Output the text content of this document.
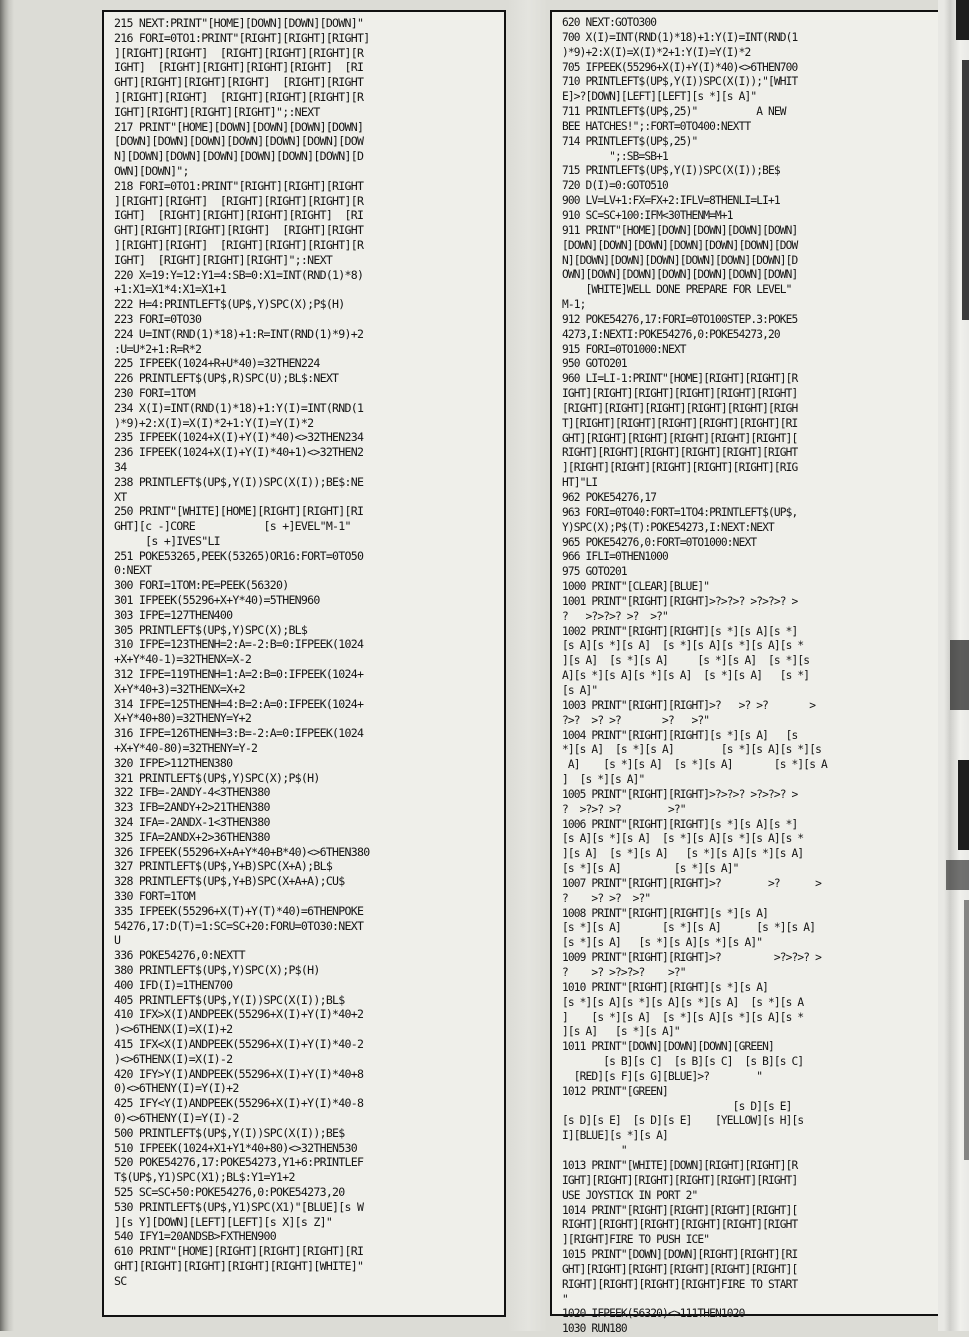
215 NEXT:PRINT"[HOME][DOWN][DOWN][DOWN]"
216 FORI=0TO1:PRINT"[RIGHT][RIGHT][RIGHT]
][RIGHT][RIGHT]  [RIGHT][RIGHT][RIGHT][R
IGHT]  [RIGHT][RIGHT][RIGHT][RIGHT]  [RI
GHT][RIGHT][RIGHT][RIGHT]  [RIGHT][RIGHT
][RIGHT][RIGHT]  [RIGHT][RIGHT][RIGHT][R
IGHT][RIGHT][RIGHT][RIGHT]";:NEXT
217 PRINT"[HOME][DOWN][DOWN][DOWN][DOWN]
[DOWN][DOWN][DOWN][DOWN][DOWN][DOWN][DOW
N][DOWN][DOWN][DOWN][DOWN][DOWN][DOWN][D
OWN][DOWN]";
218 FORI=0TO1:PRINT"[RIGHT][RIGHT][RIGHT
][RIGHT][RIGHT]  [RIGHT][RIGHT][RIGHT][R
IGHT]  [RIGHT][RIGHT][RIGHT][RIGHT]  [RI
GHT][RIGHT][RIGHT][RIGHT]  [RIGHT][RIGHT
][RIGHT][RIGHT]  [RIGHT][RIGHT][RIGHT][R
IGHT]  [RIGHT][RIGHT][RIGHT]";:NEXT
220 X=19:Y=12:Y1=4:SB=0:X1=INT(RND(1)*8)
+1:X1=X1*4:X1=X1+1
222 H=4:PRINTLEFT$(UP$,Y)SPC(X);P$(H)
223 FORI=0TO30
224 U=INT(RND(1)*18)+1:R=INT(RND(1)*9)+2
:U=U*2+1:R=R*2
225 IFPEEK(1024+R+U*40)=32THEN224
226 PRINTLEFT$(UP$,R)SPC(U);BL$:NEXT
230 FORI=1TOM
234 X(I)=INT(RND(1)*18)+1:Y(I)=INT(RND(1
)*9)+2:X(I)=X(I)*2+1:Y(I)=Y(I)*2
235 IFPEEK(1024+X(I)+Y(I)*40)<>32THEN234
236 IFPEEK(1024+X(I)+Y(I)*40+1)<>32THEN2
34
238 PRINTLEFT$(UP$,Y(I))SPC(X(I));BE$:NE
XT
250 PRINT"[WHITE][HOME][RIGHT][RIGHT][RI
GHT][c -]CORE           [s +]EVEL"M-1"
[s +]IVES"LI
251 POKE53265,PEEK(53265)OR16:FORT=0TO50
0:NEXT
300 FORI=1TOM:PE=PEEK(56320)
301 IFPEEK(55296+X+Y*40)=5THEN960
303 IFPE=127THEN400
305 PRINTLEFT$(UP$,Y)SPC(X);BL$
310 IFPE=123THENH=2:A=-2:B=0:IFPEEK(1024
+X+Y*40-1)=32THENX=X-2
312 IFPE=119THENH=1:A=2:B=0:IFPEEK(1024+
X+Y*40+3)=32THENX=X+2
314 IFPE=125THENH=4:B=2:A=0:IFPEEK(1024+
X+Y*40+80)=32THENY=Y+2
316 IFPE=126THENH=3:B=-2:A=0:IFPEEK(1024
+X+Y*40-80)=32THENY=Y-2
320 IFPE>112THEN380
321 PRINTLEFT$(UP$,Y)SPC(X);P$(H)
322 IFB=-2ANDY-4<3THEN380
323 IFB=2ANDY+2>21THEN380
324 IFA=-2ANDX-1<3THEN380
325 IFA=2ANDX+2>36THEN380
326 IFPEEK(55296+X+A+Y*40+B*40)<>6THEN380
327 PRINTLEFT$(UP$,Y+B)SPC(X+A);BL$
328 PRINTLEFT$(UP$,Y+B)SPC(X+A+A);CU$
330 FORT=1TOM
335 IFPEEK(55296+X(T)+Y(T)*40)=6THENPOKE
54276,17:D(T)=1:SC=SC+20:FORU=0TO30:NEXT
U
336 POKE54276,0:NEXTT
380 PRINTLEFT$(UP$,Y)SPC(X);P$(H)
400 IFD(I)=1THEN700
405 PRINTLEFT$(UP$,Y(I))SPC(X(I));BL$
410 IFX>X(I)ANDPEEK(55296+X(I)+Y(I)*40+2
)<>6THENX(I)=X(I)+2
415 IFX<X(I)ANDPEEK(55296+X(I)+Y(I)*40-2
)<>6THENX(I)=X(I)-2
420 IFY>Y(I)ANDPEEK(55296+X(I)+Y(I)*40+8
0)<>6THENY(I)=Y(I)+2
425 IFY<Y(I)ANDPEEK(55296+X(I)+Y(I)*40-8
0)<>6THENY(I)=Y(I)-2
500 PRINTLEFT$(UP$,Y(I))SPC(X(I));BE$
510 IFPEEK(1024+X1+Y1*40+80)<>32THEN530
520 POKE54276,17:POKE54273,Y1+6:PRINTLEF
T$(UP$,Y1)SPC(X1);BL$:Y1=Y1+2
525 SC=SC+50:POKE54276,0:POKE54273,20
530 PRINTLEFT$(UP$,Y1)SPC(X1)"[BLUE][s W
][s Y][DOWN][LEFT][LEFT][s X][s Z]"
540 IFY1=20ANDSB>FXTHEN900
610 PRINT"[HOME][RIGHT][RIGHT][RIGHT][RI
GHT][RIGHT][RIGHT][RIGHT][RIGHT][WHITE]"
SC

620 NEXT:GOTO300
700 X(I)=INT(RND(1)*18)+1:Y(I)=INT(RND(1
)*9)+2:X(I)=X(I)*2+1:Y(I)=Y(I)*2
705 IFPEEK(55296+X(I)+Y(I)*40)<>6THEN700
710 PRINTLEFT$(UP$,Y(I))SPC(X(I));"[WHIT
E]>?[DOWN][LEFT][LEFT][s *][s A]"
711 PRINTLEFT$(UP$,25)"          A NEW
BEE HATCHES!";:FORT=0TO400:NEXTT
714 PRINTLEFT$(UP$,25)"
";:SB=SB+1
715 PRINTLEFT$(UP$,Y(I))SPC(X(I));BE$
720 D(I)=0:GOTO510
900 LV=LV+1:FX=FX+2:IFLV=8THENLI=LI+1
910 SC=SC+100:IFM<30THENM=M+1
911 PRINT"[HOME][DOWN][DOWN][DOWN][DOWN]
[DOWN][DOWN][DOWN][DOWN][DOWN][DOWN][DOW
N][DOWN][DOWN][DOWN][DOWN][DOWN][DOWN][D
OWN][DOWN][DOWN][DOWN][DOWN][DOWN][DOWN]
[WHITE]WELL DONE PREPARE FOR LEVEL"
M-1;
912 POKE54276,17:FORI=0TO100STEP.3:POKE5
4273,I:NEXTI:POKE54276,0:POKE54273,20
915 FORI=0TO1000:NEXT
950 GOTO201
960 LI=LI-1:PRINT"[HOME][RIGHT][RIGHT][R
IGHT][RIGHT][RIGHT][RIGHT][RIGHT][RIGHT]
[RIGHT][RIGHT][RIGHT][RIGHT][RIGHT][RIGH
T][RIGHT][RIGHT][RIGHT][RIGHT][RIGHT][RI
GHT][RIGHT][RIGHT][RIGHT][RIGHT][RIGHT][
RIGHT][RIGHT][RIGHT][RIGHT][RIGHT][RIGHT
][RIGHT][RIGHT][RIGHT][RIGHT][RIGHT][RIG
HT]"LI
962 POKE54276,17
963 FORI=0TO40:FORT=1TO4:PRINTLEFT$(UP$,
Y)SPC(X);P$(T):POKE54273,I:NEXT:NEXT
965 POKE54276,0:FORT=0TO1000:NEXT
966 IFLI=0THEN1000
975 GOTO201
1000 PRINT"[CLEAR][BLUE]"
1001 PRINT"[RIGHT][RIGHT]>?>?>? >?>?>? >
?   >?>?>? >?  >?"
1002 PRINT"[RIGHT][RIGHT][s *][s A][s *]
[s A][s *][s A]  [s *][s A][s *][s A][s *
][s A]  [s *][s A]     [s *][s A]  [s *][s
A][s *][s A][s *][s A]  [s *][s A]   [s *]
[s A]"
1003 PRINT"[RIGHT][RIGHT]>?   >? >?       >
?>?  >? >?       >?   >?"
1004 PRINT"[RIGHT][RIGHT][s *][s A]   [s
*][s A]  [s *][s A]        [s *][s A][s *][s
A]    [s *][s A]  [s *][s A]       [s *][s A
]  [s *][s A]"
1005 PRINT"[RIGHT][RIGHT]>?>?>? >?>?>? >
?  >?>? >?        >?"
1006 PRINT"[RIGHT][RIGHT][s *][s A][s *]
[s A][s *][s A]  [s *][s A][s *][s A][s *
][s A]  [s *][s A]   [s *][s A][s *][s A]
[s *][s A]         [s *][s A]"
1007 PRINT"[RIGHT][RIGHT]>?        >?      >
?    >? >?  >?"
1008 PRINT"[RIGHT][RIGHT][s *][s A]
[s *][s A]       [s *][s A]      [s *][s A]
[s *][s A]   [s *][s A][s *][s A]"
1009 PRINT"[RIGHT][RIGHT]>?         >?>?>? >
?    >? >?>?>?    >?"
1010 PRINT"[RIGHT][RIGHT][s *][s A]
[s *][s A][s *][s A][s *][s A]  [s *][s A
]    [s *][s A]  [s *][s A][s *][s A][s *
][s A]   [s *][s A]"
1011 PRINT"[DOWN][DOWN][DOWN][GREEN]
[s B][s C]  [s B][s C]  [s B][s C]
[RED][s F][s G][BLUE]>?        "
1012 PRINT"[GREEN]
[s D][s E]
[s D][s E]  [s D][s E]    [YELLOW][s H][s
I][BLUE][s *][s A]
"
1013 PRINT"[WHITE][DOWN][RIGHT][RIGHT][R
IGHT][RIGHT][RIGHT][RIGHT][RIGHT][RIGHT]
USE JOYSTICK IN PORT 2"
1014 PRINT"[RIGHT][RIGHT][RIGHT][RIGHT][
RIGHT][RIGHT][RIGHT][RIGHT][RIGHT][RIGHT
][RIGHT]FIRE TO PUSH ICE"
1015 PRINT"[DOWN][DOWN][RIGHT][RIGHT][RI
GHT][RIGHT][RIGHT][RIGHT][RIGHT][RIGHT][
RIGHT][RIGHT][RIGHT][RIGHT]FIRE TO START
"
1020 IFPEEK(56320)<>111THEN1020
1030 RUN180
